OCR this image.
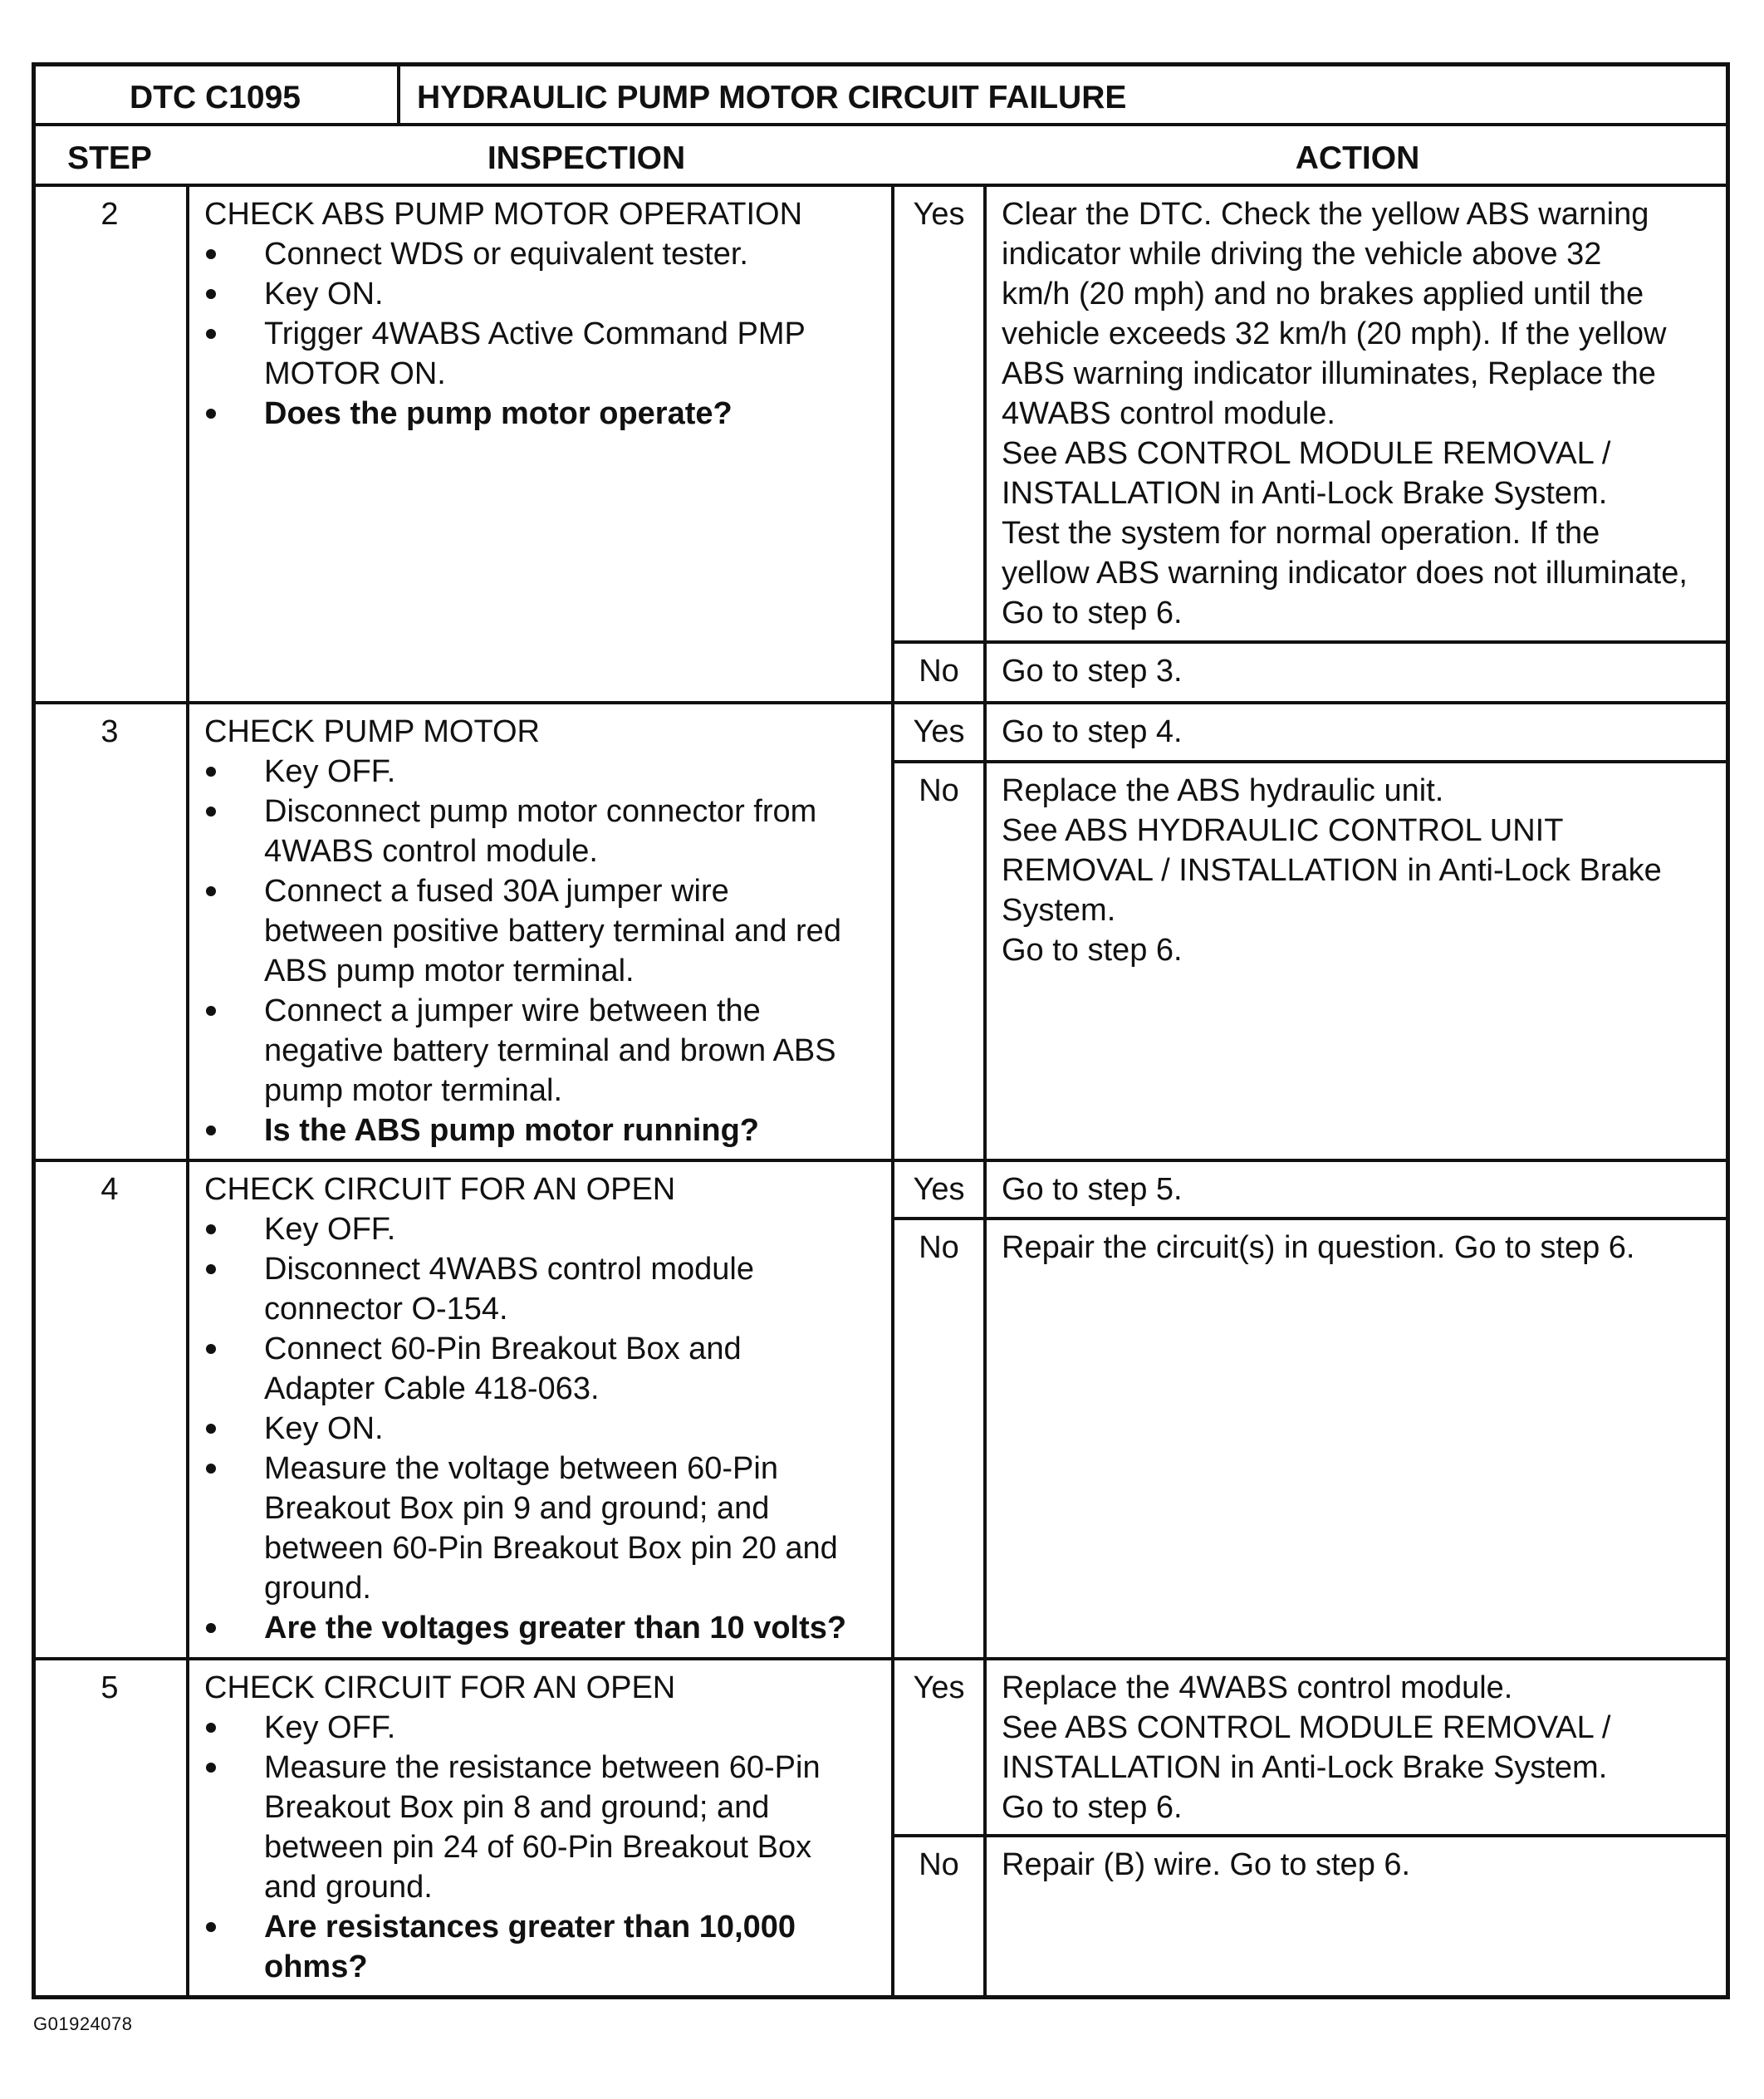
DTC C1095	HYDRAULIC PUMP MOTOR CIRCUIT FAILURE
STEP	INSPECTION	ACTION
2	CHECK ABS PUMP MOTOR OPERATION
Connect WDS or equivalent tester.
Key ON.
Trigger 4WABS Active Command PMP
MOTOR ON.
Does the pump motor operate?
Yes	Clear the DTC. Check the yellow ABS warning
indicator while driving the vehicle above 32
km/h (20 mph) and no brakes applied until the
vehicle exceeds 32 km/h (20 mph). If the yellow
ABS warning indicator illuminates, Replace the
4WABS control module.
See ABS CONTROL MODULE REMOVAL /
INSTALLATION in Anti-Lock Brake System.
Test the system for normal operation. If the
yellow ABS warning indicator does not illuminate,
Go to step 6.
No	Go to step 3.
3	CHECK PUMP MOTOR
Key OFF.
Disconnect pump motor connector from
4WABS control module.
Connect a fused 30A jumper wire
between positive battery terminal and red
ABS pump motor terminal.
Connect a jumper wire between the
negative battery terminal and brown ABS
pump motor terminal.
Is the ABS pump motor running?
Yes	Go to step 4.
No	Replace the ABS hydraulic unit.
See ABS HYDRAULIC CONTROL UNIT
REMOVAL / INSTALLATION in Anti-Lock Brake
System.
Go to step 6.
4	CHECK CIRCUIT FOR AN OPEN
Key OFF.
Disconnect 4WABS control module
connector O-154.
Connect 60-Pin Breakout Box and
Adapter Cable 418-063.
Key ON.
Measure the voltage between 60-Pin
Breakout Box pin 9 and ground; and
between 60-Pin Breakout Box pin 20 and
ground.
Are the voltages greater than 10 volts?
Yes	Go to step 5.
No	Repair the circuit(s) in question. Go to step 6.
5	CHECK CIRCUIT FOR AN OPEN
Key OFF.
Measure the resistance between 60-Pin
Breakout Box pin 8 and ground; and
between pin 24 of 60-Pin Breakout Box
and ground.
Are resistances greater than 10,000
ohms?
Yes	Replace the 4WABS control module.
See ABS CONTROL MODULE REMOVAL /
INSTALLATION in Anti-Lock Brake System.
Go to step 6.
No	Repair (B) wire. Go to step 6.
G01924078
